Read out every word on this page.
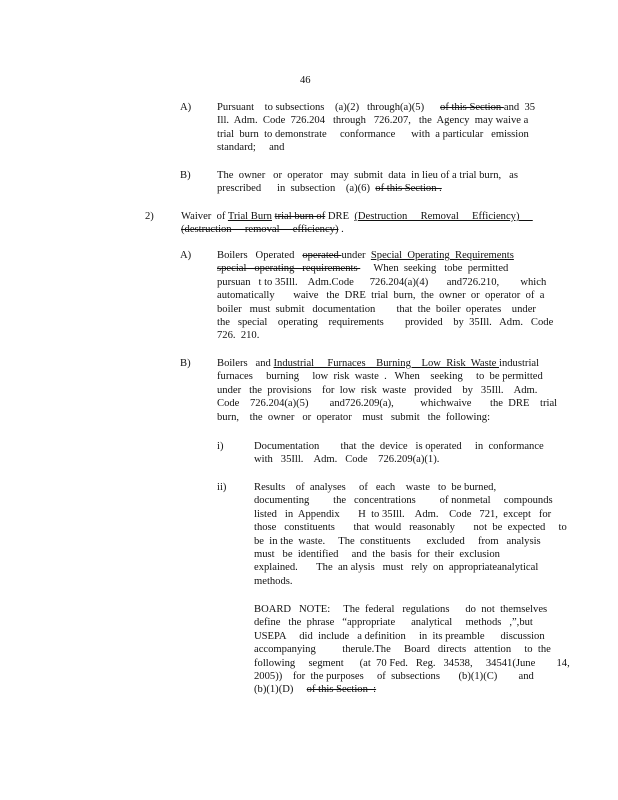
46
A) Pursuant    to subsections    (a)(2)   through(a)(5)      of this Section and  35
Ill.  Adm.  Code  726.204   through   726.207,   the  Agency  may waive a
trial  burn  to demonstrate     conformance      with  a particular   emission
standard;     and
B) The  owner   or  operator   may  submit  data  in lieu of a trial burn,   as
prescribed      in  subsection    (a)(6)  of this Section .
2)	Waiver  of Trial Burn trial burn of DRE  (Destruction     Removal     Efficiency)
(destruction     removal     efficiency) .
A) Boilers   Operated   operated under  Special  Operating  Requirements
special   operating   requirements      When  seeking   tobe  permitted
pursuan   t to 35Ill.    Adm.Code      726.204(a)(4)       and726.210,        which
automatically       waive   the  DRE  trial  burn,  the  owner  or  operator  of  a
boiler   must  submit   documentation        that  the  boiler  operates    under
the   special    operating    requirements        provided    by  35Ill.   Adm.   Code
726.  210.
B) Boilers   and Industrial     Furnaces    Burning    Low  Risk  Waste industrial
furnaces     burning     low  risk  waste  .   When    seeking     to  be permitted
under   the  provisions    for  low  risk  waste   provided    by   35Ill.    Adm.
Code    726.204(a)(5)        and726.209(a),          whichwaive       the  DRE    trial
burn,    the  owner   or  operator    must   submit   the  following:
i)	Documentation        that  the  device   is operated     in  conformance
with   35Ill.    Adm.   Code    726.209(a)(1).
ii)	Results    of  analyses     of   each    waste   to  be burned,
documenting         the   concentrations         of nonmetal     compounds
listed   in  Appendix       H  to 35Ill.    Adm.    Code   721,  except   for
those   constituents       that  would   reasonably       not  be  expected     to
be  in the  waste.     The  constituents      excluded     from   analysis
must   be  identified     and  the  basis  for  their  exclusion
explained.       The  an alysis   must   rely  on  appropriateanalytical
methods.
BOARD   NOTE:     The  federal   regulations      do  not  themselves
define   the  phrase   “appropriate      analytical     methods   ,”,but
USEPA     did  include   a definition     in  its preamble      discussion
accompanying          therule.The     Board   directs   attention     to  the
following     segment      (at  70 Fed.   Reg.   34538,     34541(June        14,
2005))    for  the purposes     of  subsections       (b)(1)(C)        and
(b)(1)(D)     of this Section  :
